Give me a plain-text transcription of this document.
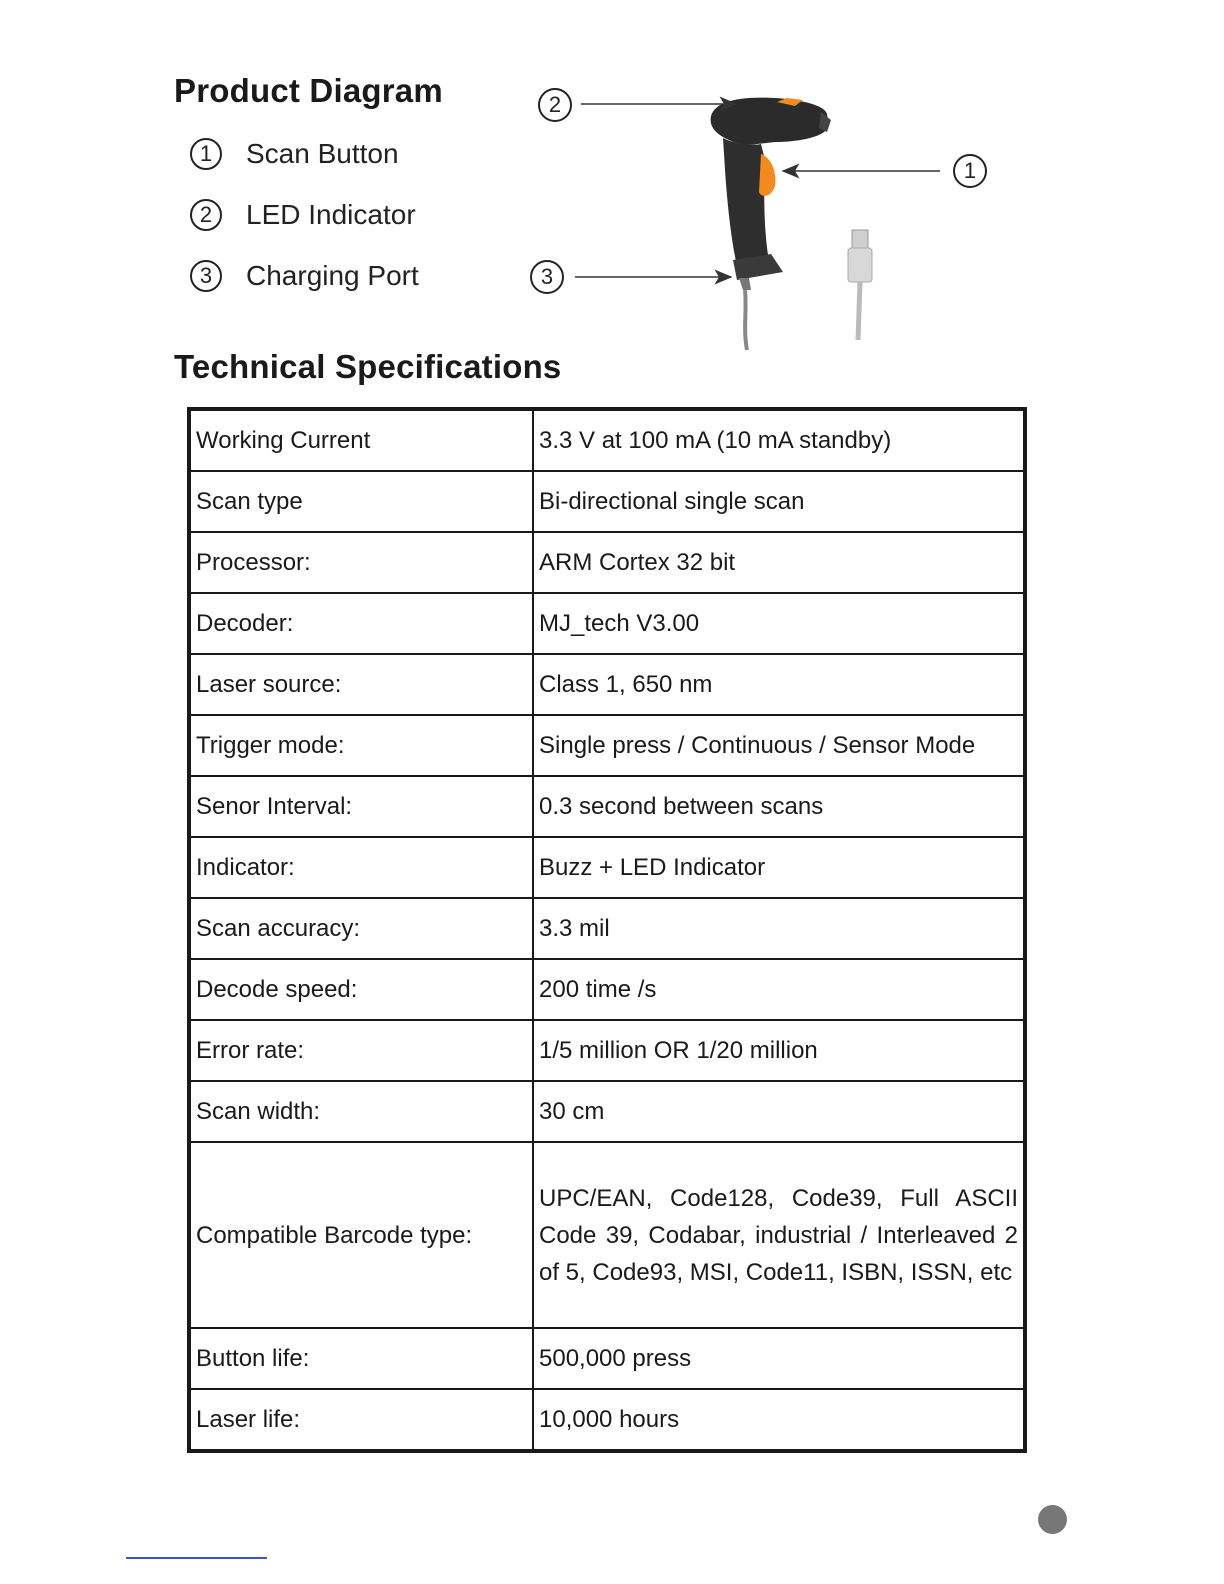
Product Diagram
1	Scan Button
2	LED Indicator
3	Charging Port
2
1
3
Technical Specifications
Working Current	3.3 V at 100 mA (10 mA standby)
Scan type	Bi-directional single scan
Processor:	ARM Cortex 32 bit
Decoder:	MJ_tech V3.00
Laser source:	Class 1, 650 nm
Trigger mode:	Single press / Continuous / Sensor Mode
Senor Interval:	0.3 second between scans
Indicator:	Buzz + LED Indicator
Scan accuracy:	3.3 mil
Decode speed:	200 time /s
Error rate:	1/5 million OR 1/20 million
Scan width:	30 cm
Compatible Barcode type:	UPC/EAN, Code128, Code39, Full ASCII Code 39, Codabar, industrial / Interleaved 2 of 5, Code93, MSI, Code11, ISBN, ISSN, etc
Button life:	500,000 press
Laser life:	10,000 hours
